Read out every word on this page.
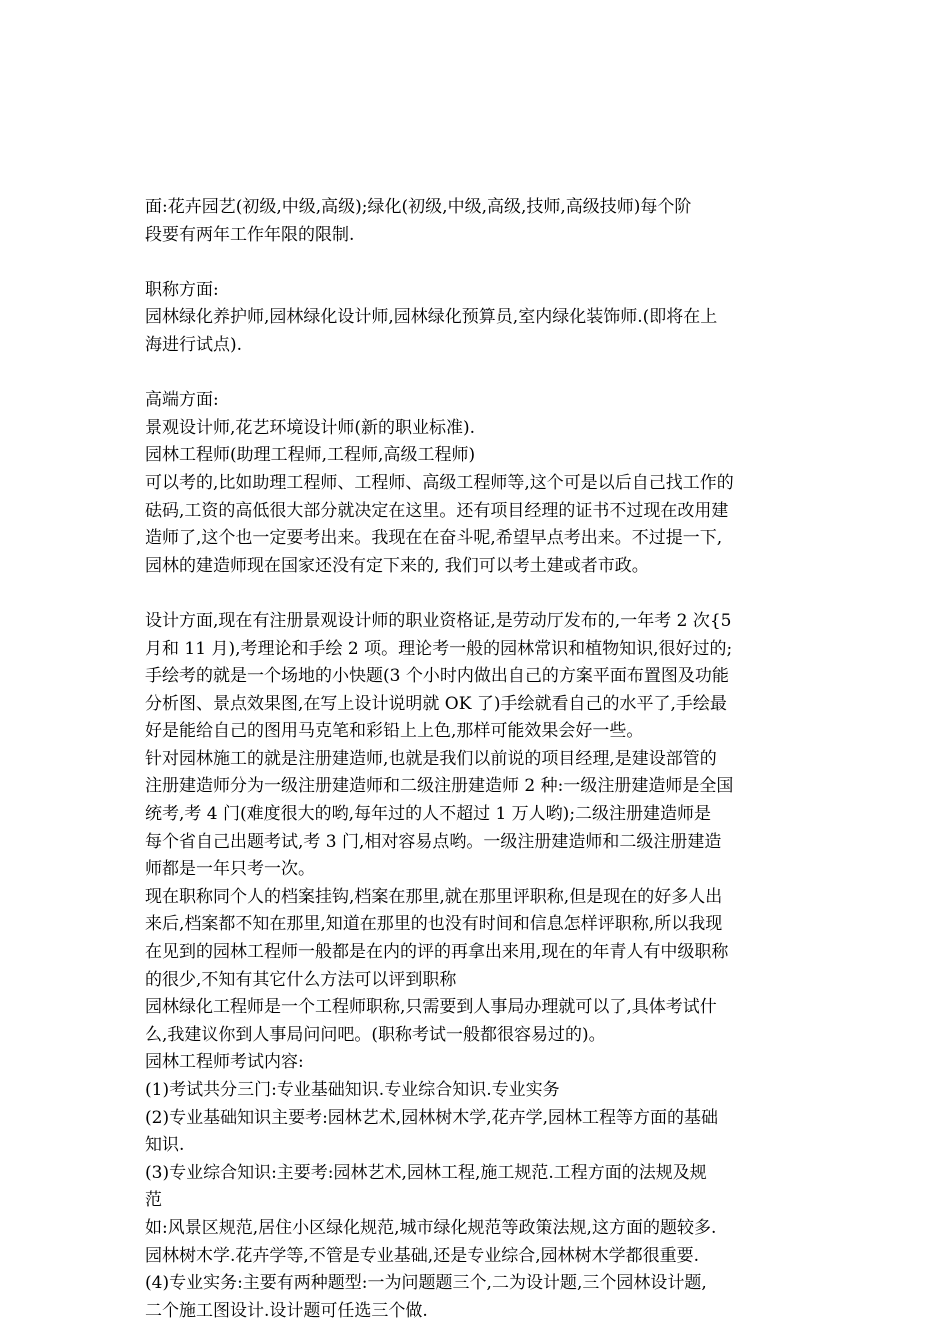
面:花卉园艺(初级,中级,高级);绿化(初级,中级,高级,技师,高级技师)每个阶
段要有两年工作年限的限制.
职称方面:
园林绿化养护师,园林绿化设计师,园林绿化预算员,室内绿化装饰师.(即将在上
海进行试点).
高端方面:
景观设计师,花艺环境设计师(新的职业标准).
园林工程师(助理工程师,工程师,高级工程师)
可以考的,比如助理工程师、工程师、高级工程师等,这个可是以后自己找工作的
砝码,工资的高低很大部分就决定在这里。还有项目经理的证书不过现在改用建
造师了,这个也一定要考出来。我现在在奋斗呢,希望早点考出来。不过提一下,
园林的建造师现在国家还没有定下来的, 我们可以考土建或者市政。
设计方面,现在有注册景观设计师的职业资格证,是劳动厅发布的,一年考 2 次{5
月和 11 月),考理论和手绘 2 项。理论考一般的园林常识和植物知识,很好过的;
手绘考的就是一个场地的小快题(3 个小时内做出自己的方案平面布置图及功能
分析图、景点效果图,在写上设计说明就 OK 了)手绘就看自己的水平了,手绘最
好是能给自己的图用马克笔和彩铅上上色,那样可能效果会好一些。
针对园林施工的就是注册建造师,也就是我们以前说的项目经理,是建设部管的
注册建造师分为一级注册建造师和二级注册建造师 2 种:一级注册建造师是全国
统考,考 4 门(难度很大的哟,每年过的人不超过 1 万人哟);二级注册建造师是
每个省自己出题考试,考 3 门,相对容易点哟。一级注册建造师和二级注册建造
师都是一年只考一次。
现在职称同个人的档案挂钩,档案在那里,就在那里评职称,但是现在的好多人出
来后,档案都不知在那里,知道在那里的也没有时间和信息怎样评职称,所以我现
在见到的园林工程师一般都是在内的评的再拿出来用,现在的年青人有中级职称
的很少,不知有其它什么方法可以评到职称
园林绿化工程师是一个工程师职称,只需要到人事局办理就可以了,具体考试什
么,我建议你到人事局问问吧。(职称考试一般都很容易过的)。
园林工程师考试内容:
(1)考试共分三门:专业基础知识.专业综合知识.专业实务
(2)专业基础知识主要考:园林艺术,园林树木学,花卉学,园林工程等方面的基础
知识.
(3)专业综合知识:主要考:园林艺术,园林工程,施工规范.工程方面的法规及规
范
如:风景区规范,居住小区绿化规范,城市绿化规范等政策法规,这方面的题较多.
园林树木学.花卉学等,不管是专业基础,还是专业综合,园林树木学都很重要.
(4)专业实务:主要有两种题型:一为问题题三个,二为设计题,三个园林设计题,
二个施工图设计.设计题可任选三个做.
